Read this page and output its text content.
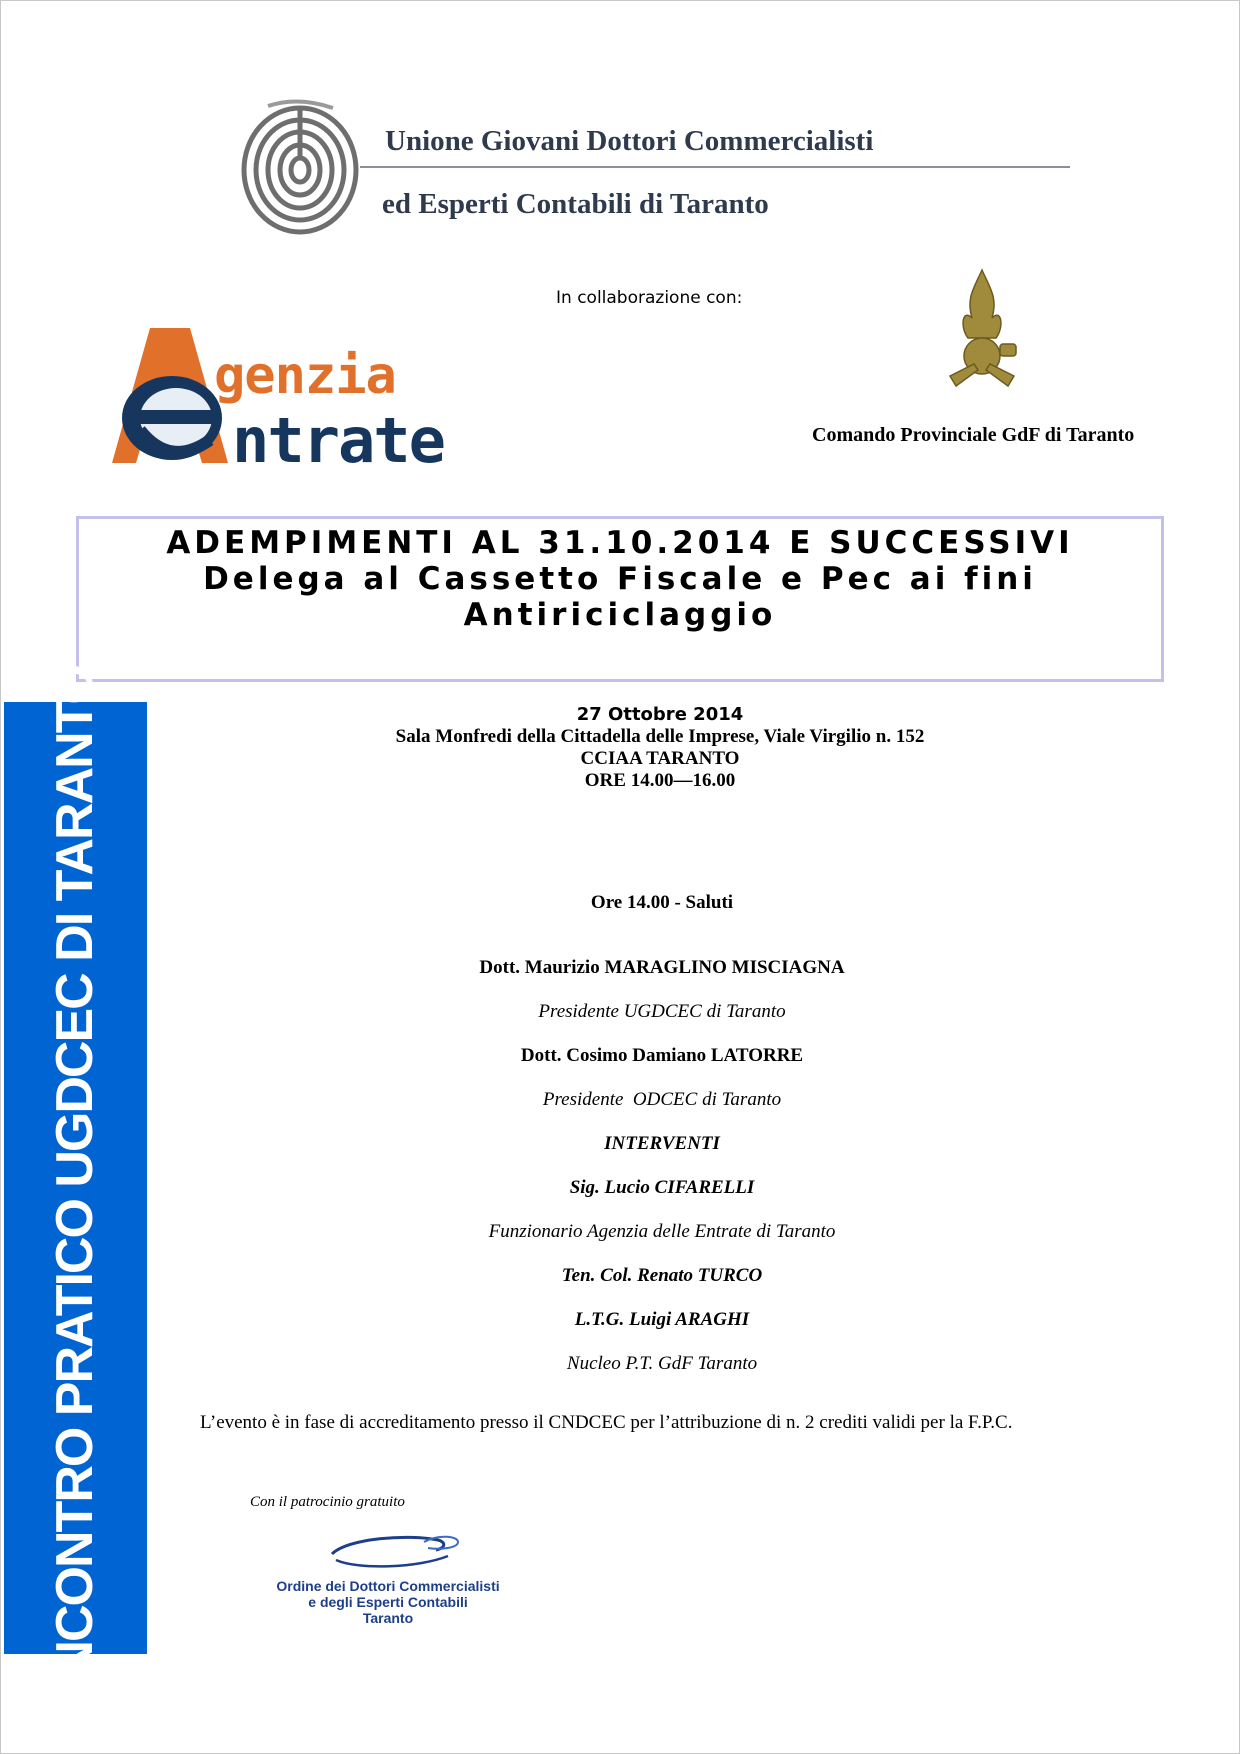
Unione Giovani Dottori Commercialisti
ed Esperti Contabili di Taranto
In collaborazione con:
genzia
ntrate	Comando Provinciale GdF di Taranto
ADEMPIMENTI AL 31.10.2014 E SUCCESSIVI
Delega al Cassetto Fiscale e Pec ai fini
Antiriciclaggio
INCONTRO PRATICO UGDCEC DI TARANTO	27 Ottobre 2014
Sala Monfredi della Cittadella delle Imprese, Viale Virgilio n. 152
CCIAA TARANTO
ORE 14.00—16.00
Ore 14.00 - Saluti
Dott. Maurizio MARAGLINO MISCIAGNA
Presidente UGDCEC di Taranto
Dott. Cosimo Damiano LATORRE
Presidente  ODCEC di Taranto
INTERVENTI
Sig. Lucio CIFARELLI
Funzionario Agenzia delle Entrate di Taranto
Ten. Col. Renato TURCO
L.T.G. Luigi ARAGHI
Nucleo P.T. GdF Taranto
L’evento è in fase di accreditamento presso il CNDCEC per l’attribuzione di n. 2 crediti validi per la F.P.C.
Con il patrocinio gratuito
Ordine dei Dottori Commercialisti
e degli Esperti Contabili
Taranto
